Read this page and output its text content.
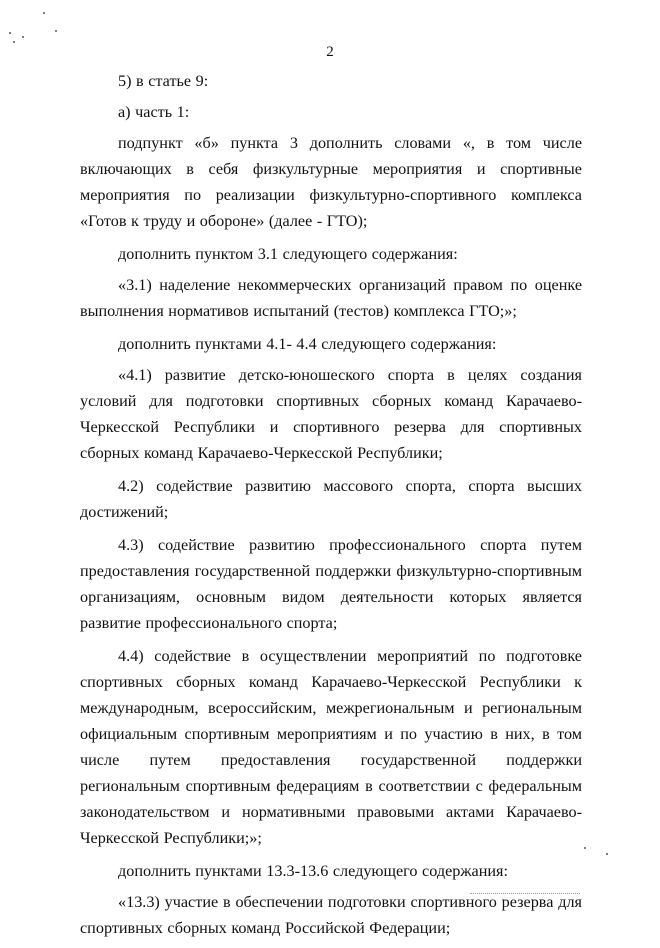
2

5) в статье 9:

а) часть 1:

подпункт «б» пункта 3 дополнить словами «, в том числе включающих в себя физкультурные мероприятия и спортивные мероприятия по реализации физкультурно-спортивного комплекса «Готов к труду и обороне» (далее - ГТО);

дополнить пунктом 3.1 следующего содержания:

«3.1) наделение некоммерческих организаций правом по оценке выполнения нормативов испытаний (тестов) комплекса ГТО;»;

дополнить пунктами 4.1- 4.4 следующего содержания:

«4.1) развитие детско-юношеского спорта в целях создания условий для подготовки спортивных сборных команд Карачаево-Черкесской Республики и спортивного резерва для спортивных сборных команд Карачаево-Черкесской Республики;

4.2) содействие развитию массового спорта, спорта высших достижений;

4.3) содействие развитию профессионального спорта путем предоставления государственной поддержки физкультурно-спортивным организациям, основным видом деятельности которых является развитие профессионального спорта;

4.4) содействие в осуществлении мероприятий по подготовке спортивных сборных команд Карачаево-Черкесской Республики к международным, всероссийским, межрегиональным и региональным официальным спортивным мероприятиям и по участию в них, в том числе путем предоставления государственной поддержки региональным спортивным федерациям в соответствии с федеральным законодательством и нормативными правовыми актами Карачаево-Черкесской Республики;»;

дополнить пунктами 13.3-13.6 следующего содержания:

«13.3) участие в обеспечении подготовки спортивного резерва для спортивных сборных команд Российской Федерации;
